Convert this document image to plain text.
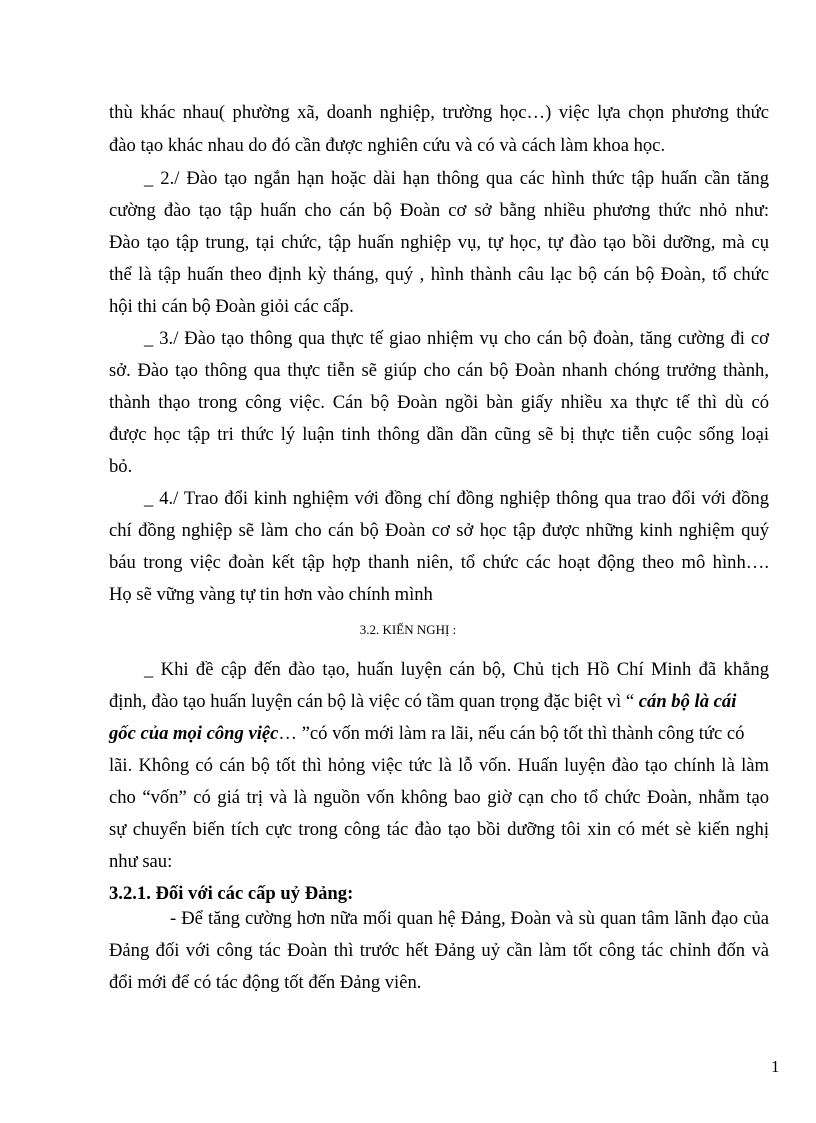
thù khác nhau( phường xã, doanh nghiệp, trường học…) việc lựa chọn phương thức
đào tạo khác nhau do đó cần được nghiên cứu và có và cách làm khoa học.
_ 2./ Đào tạo ngắn hạn hoặc dài hạn thông qua các hình thức tập huấn cần tăng
cường đào tạo tập huấn cho cán bộ Đoàn cơ sở bằng nhiều phương thức nhỏ như:
Đào tạo tập trung, tại chức, tập huấn nghiệp vụ, tự học, tự đào tạo bồi dưỡng, mà cụ
thể là tập huấn theo định kỳ tháng, quý , hình thành câu lạc bộ cán bộ Đoàn, tổ chức
hội thi cán bộ Đoàn giỏi các cấp.
_ 3./ Đào tạo thông qua thực tế giao nhiệm vụ cho cán bộ đoàn, tăng cường đi cơ
sở. Đào tạo thông qua thực tiễn sẽ giúp cho cán bộ Đoàn nhanh chóng trưởng thành,
thành thạo trong công việc. Cán bộ Đoàn ngồi bàn giấy nhiều xa thực tế thì dù có
được học tập tri thức lý luận tinh thông dần dần cũng sẽ bị thực tiễn cuộc sống loại
bỏ.
_ 4./ Trao đổi kinh nghiệm với đồng chí đồng nghiệp thông qua trao đổi với đồng
chí đồng nghiệp sẽ làm cho cán bộ Đoàn cơ sở học tập được những kinh nghiệm quý
báu trong việc đoàn kết tập hợp thanh niên, tổ chức các hoạt động theo mô hình….
Họ sẽ vững vàng tự tin hơn vào chính mình
3.2. KIẾN NGHỊ :
_ Khi đề cập đến đào tạo, huấn luyện cán bộ, Chủ tịch Hồ Chí Minh đã khẳng
định, đào tạo huấn luyện cán bộ là việc có tầm quan trọng đặc biệt vì “ cán bộ là cái
gốc của mọi công việc… ”có vốn mới làm ra lãi, nếu cán bộ tốt thì thành công tức có
lãi. Không có cán bộ tốt thì hỏng việc tức là lỗ vốn. Huấn luyện đào tạo chính là làm
cho “vốn” có giá trị và là nguồn vốn không bao giờ cạn cho tổ chức Đoàn, nhằm tạo
sự chuyển biến tích cực trong công tác đào tạo bồi dưỡng tôi xin có mét sè kiến nghị
như sau:
3.2.1. Đối với các cấp uỷ Đảng:
- Để tăng cường hơn nữa mối quan hệ Đảng, Đoàn và sù quan tâm lãnh đạo của
Đảng đối với công tác Đoàn thì trước hết Đảng uỷ cần làm tốt công tác chỉnh đốn và
đổi mới để có tác động tốt đến Đảng viên.
1
